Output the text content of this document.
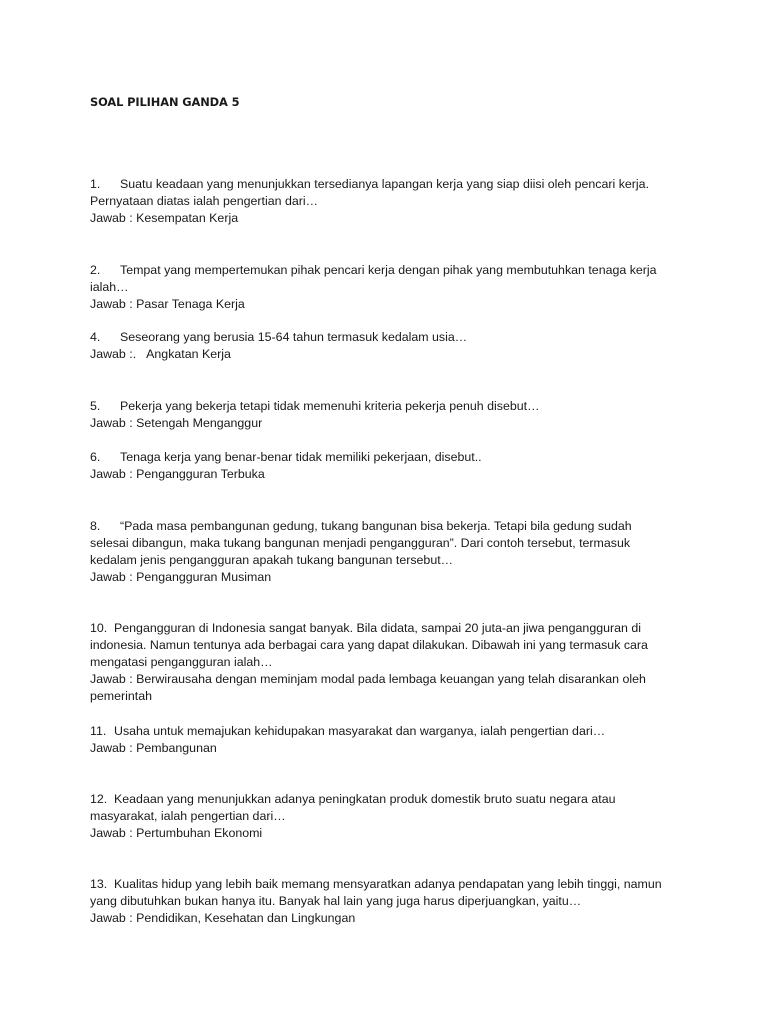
SOAL PILIHAN GANDA 5

1. Suatu keadaan yang menunjukkan tersedianya lapangan kerja yang siap diisi oleh pencari kerja.

Pernyataan diatas ialah pengertian dari…

Jawab : Kesempatan Kerja

2. Tempat yang mempertemukan pihak pencari kerja dengan pihak yang membutuhkan tenaga kerja

ialah…

Jawab : Pasar Tenaga Kerja

4. Seseorang yang berusia 15-64 tahun termasuk kedalam usia…

Jawab :. Angkatan Kerja

5. Pekerja yang bekerja tetapi tidak memenuhi kriteria pekerja penuh disebut…

Jawab : Setengah Menganggur

6. Tenaga kerja yang benar-benar tidak memiliki pekerjaan, disebut..

Jawab : Pengangguran Terbuka

8. “Pada masa pembangunan gedung, tukang bangunan bisa bekerja. Tetapi bila gedung sudah

selesai dibangun, maka tukang bangunan menjadi pengangguran”. Dari contoh tersebut, termasuk

kedalam jenis pengangguran apakah tukang bangunan tersebut…

Jawab : Pengangguran Musiman

10. Pengangguran di Indonesia sangat banyak. Bila didata, sampai 20 juta-an jiwa pengangguran di

indonesia. Namun tentunya ada berbagai cara yang dapat dilakukan. Dibawah ini yang termasuk cara

mengatasi pengangguran ialah…

Jawab : Berwirausaha dengan meminjam modal pada lembaga keuangan yang telah disarankan oleh

pemerintah

11. Usaha untuk memajukan kehidupakan masyarakat dan warganya, ialah pengertian dari…

Jawab : Pembangunan

12. Keadaan yang menunjukkan adanya peningkatan produk domestik bruto suatu negara atau

masyarakat, ialah pengertian dari…

Jawab : Pertumbuhan Ekonomi

13. Kualitas hidup yang lebih baik memang mensyaratkan adanya pendapatan yang lebih tinggi, namun

yang dibutuhkan bukan hanya itu. Banyak hal lain yang juga harus diperjuangkan, yaitu…

Jawab : Pendidikan, Kesehatan dan Lingkungan
